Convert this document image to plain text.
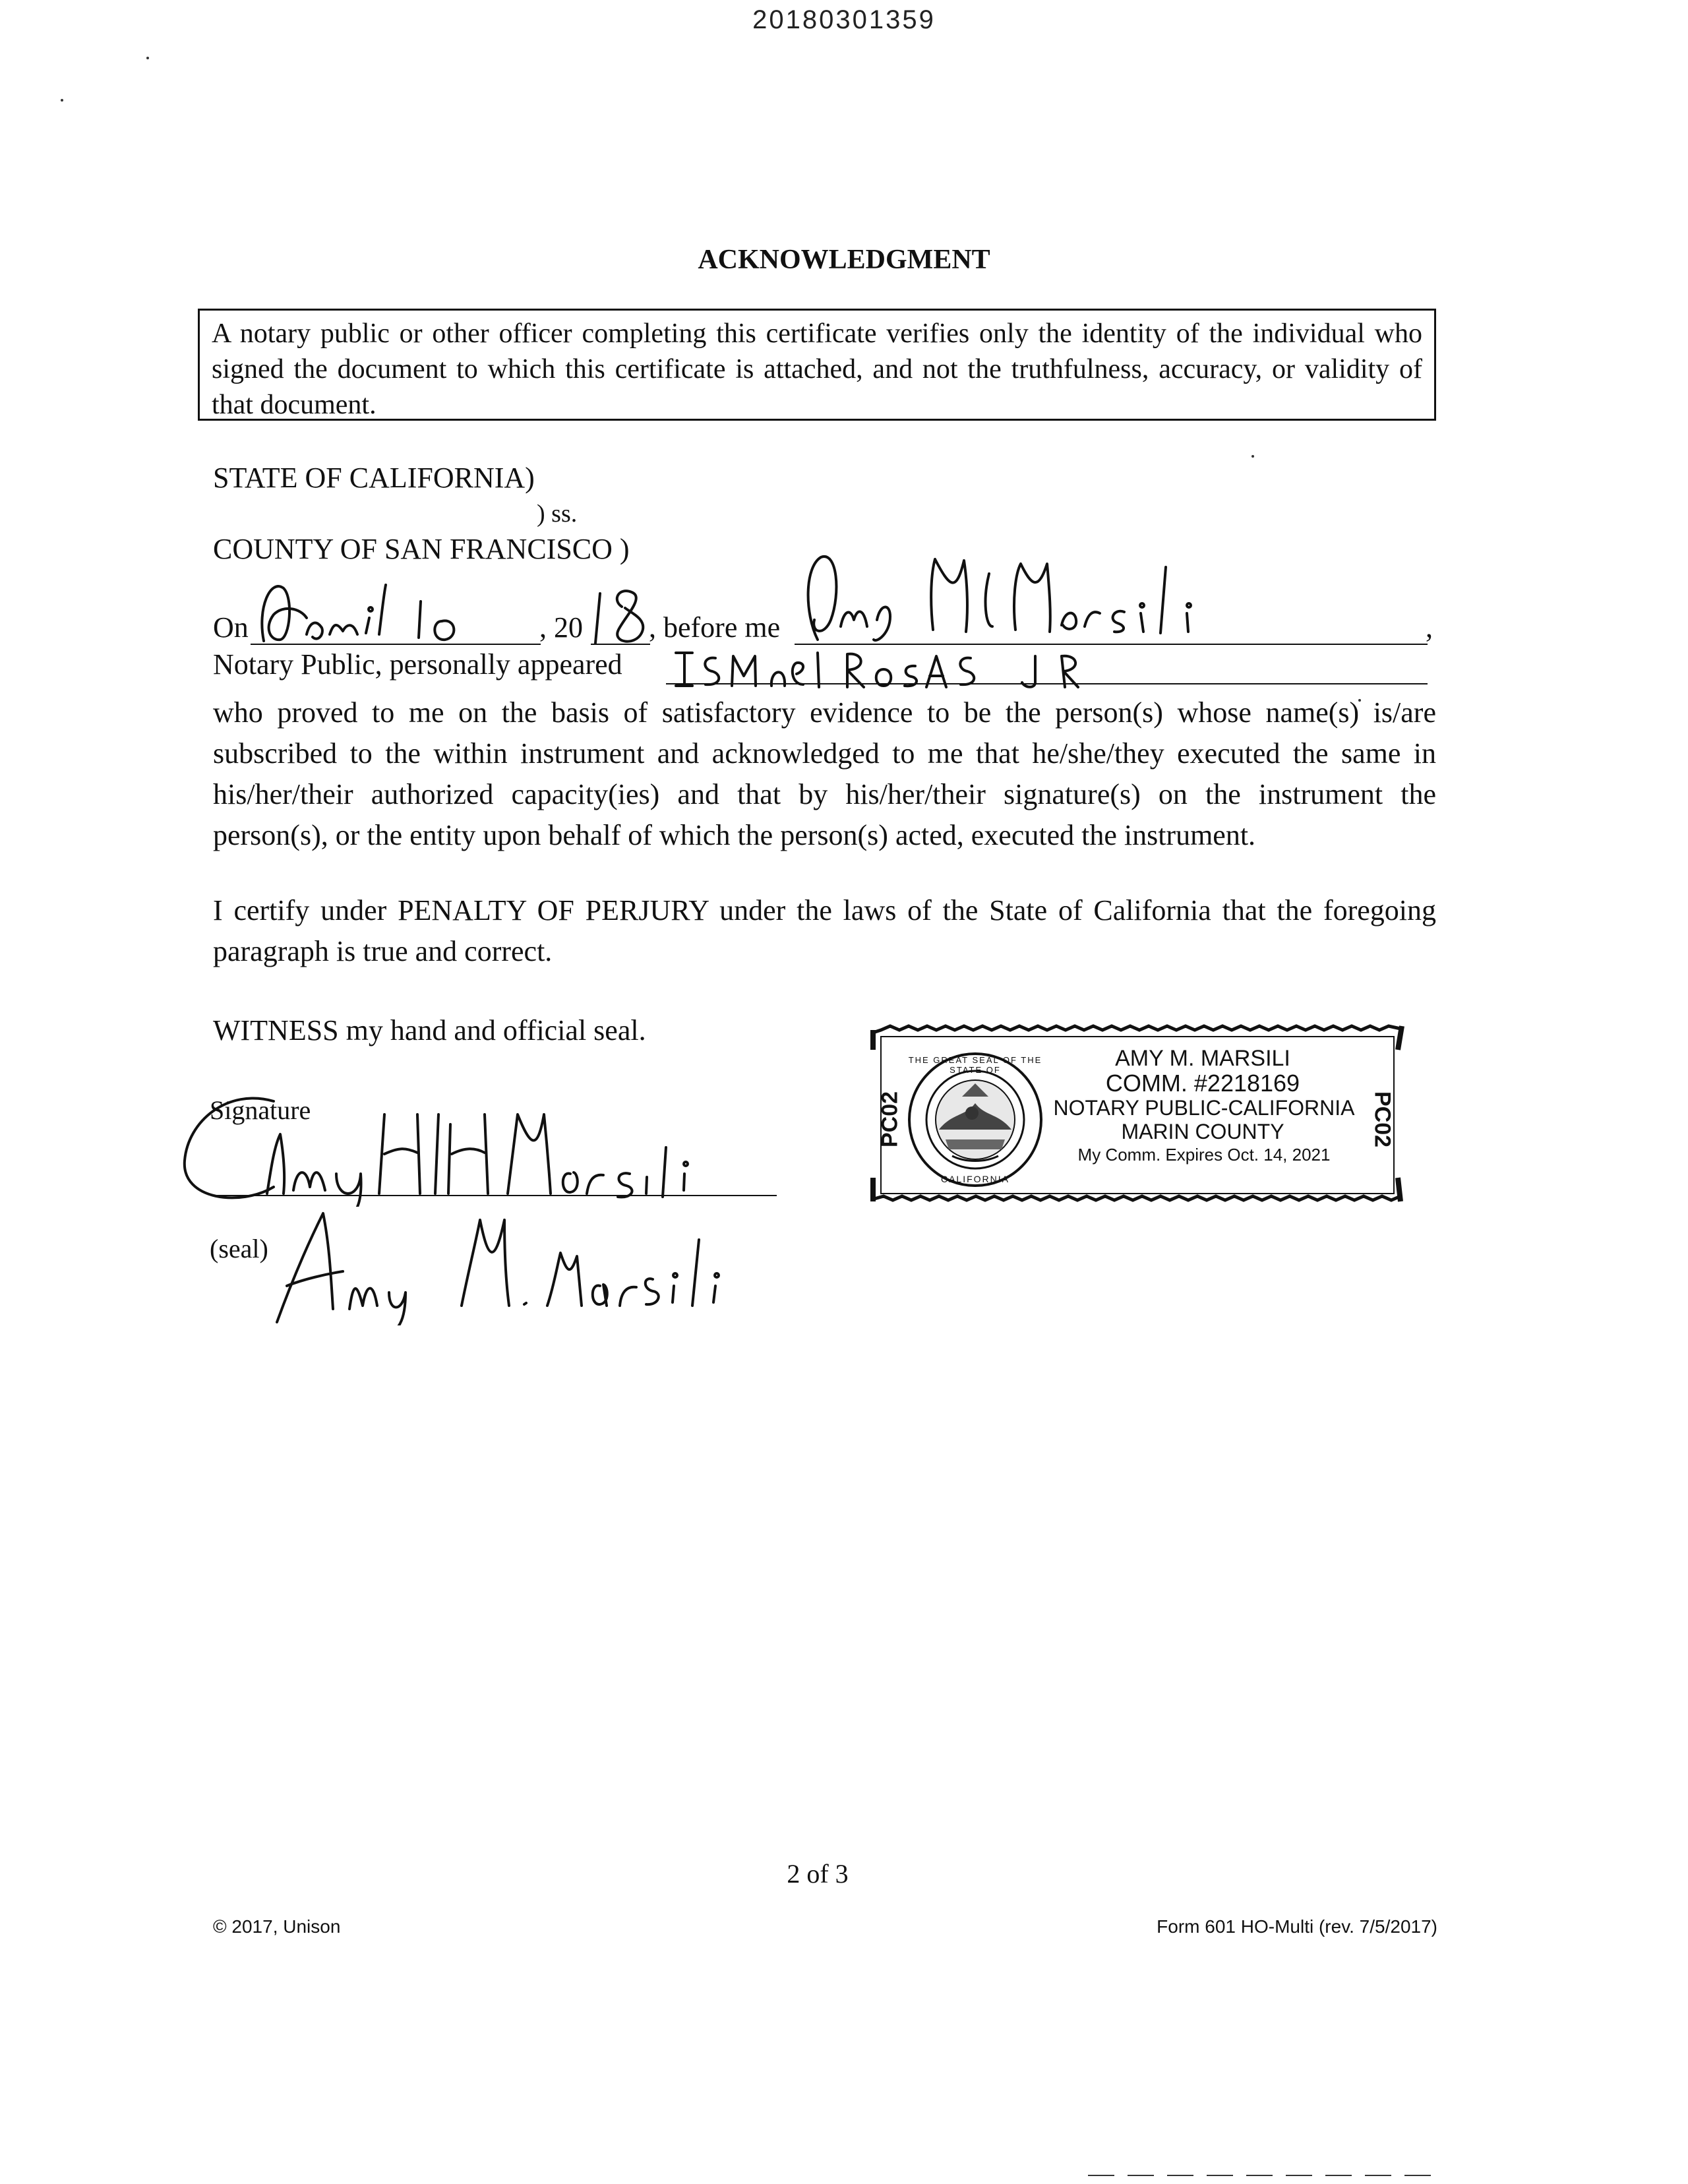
20180301359
ACKNOWLEDGMENT
A notary public or other officer completing this certificate verifies only the identity of the individual who signed the document to which this certificate is attached, and not the truthfulness, accuracy, or validity of that document.
STATE OF CALIFORNIA)
) ss.
COUNTY OF SAN FRANCISCO )
On	, 20 , before me	,
Notary Public, personally appeared
who proved to me on the basis of satisfactory evidence to be the person(s) whose name(s) is/are subscribed to the within instrument and acknowledged to me that he/she/they executed the same in his/her/their authorized capacity(ies) and that by his/her/their signature(s) on the instrument the person(s), or the entity upon behalf of which the person(s) acted, executed the instrument.
I certify under PENALTY OF PERJURY under the laws of the State of California that the foregoing paragraph is true and correct.
WITNESS my hand and official seal.
Signature
(seal)
THE GREAT SEAL OF THE STATE OF
CALIFORNIA
PC02	PC02
AMY M. MARSILI
COMM. #2218169
NOTARY PUBLIC-CALIFORNIA
MARIN COUNTY
My Comm. Expires Oct. 14, 2021
2 of 3
© 2017, Unison	Form 601 HO-Multi (rev. 7/5/2017)
